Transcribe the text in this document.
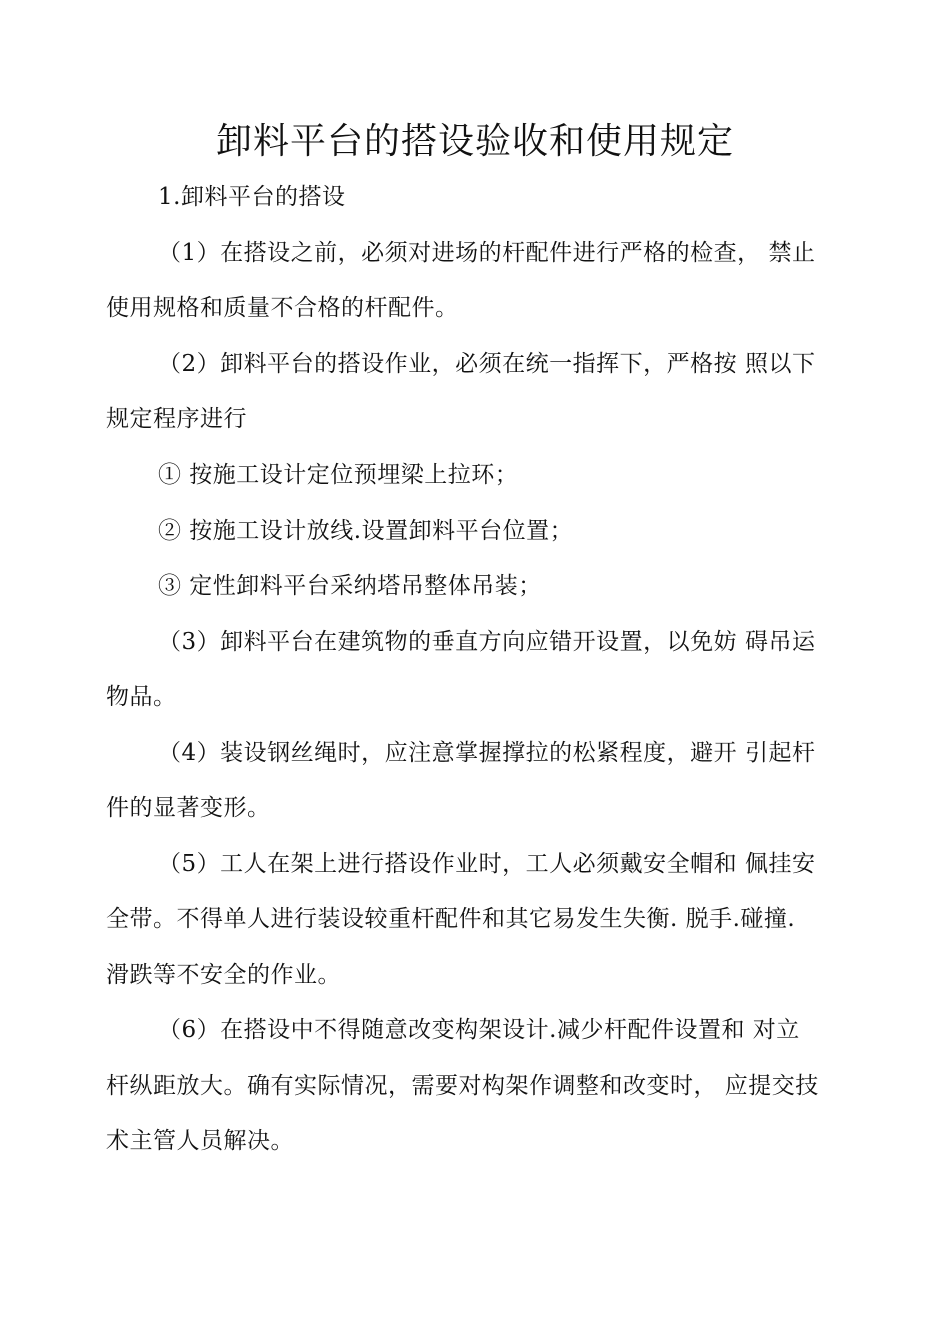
卸料平台的搭设验收和使用规定
1.卸料平台的搭设
（1）在搭设之前，必须对进场的杆配件进行严格的检查， 禁止
使用规格和质量不合格的杆配件。
（2）卸料平台的搭设作业，必须在统一指挥下，严格按 照以下
规定程序进行
① 按施工设计定位预埋梁上拉环；
② 按施工设计放线.设置卸料平台位置；
③ 定性卸料平台采纳塔吊整体吊装；
（3）卸料平台在建筑物的垂直方向应错开设置，以免妨 碍吊运
物品。
（4）装设钢丝绳时，应注意掌握撑拉的松紧程度，避开 引起杆
件的显著变形。
（5）工人在架上进行搭设作业时，工人必须戴安全帽和 佩挂安
全带。不得单人进行装设较重杆配件和其它易发生失衡. 脱手.碰撞.
滑跌等不安全的作业。
（6）在搭设中不得随意改变构架设计.减少杆配件设置和 对立
杆纵距放大。确有实际情况，需要对构架作调整和改变时， 应提交技
术主管人员解决。
